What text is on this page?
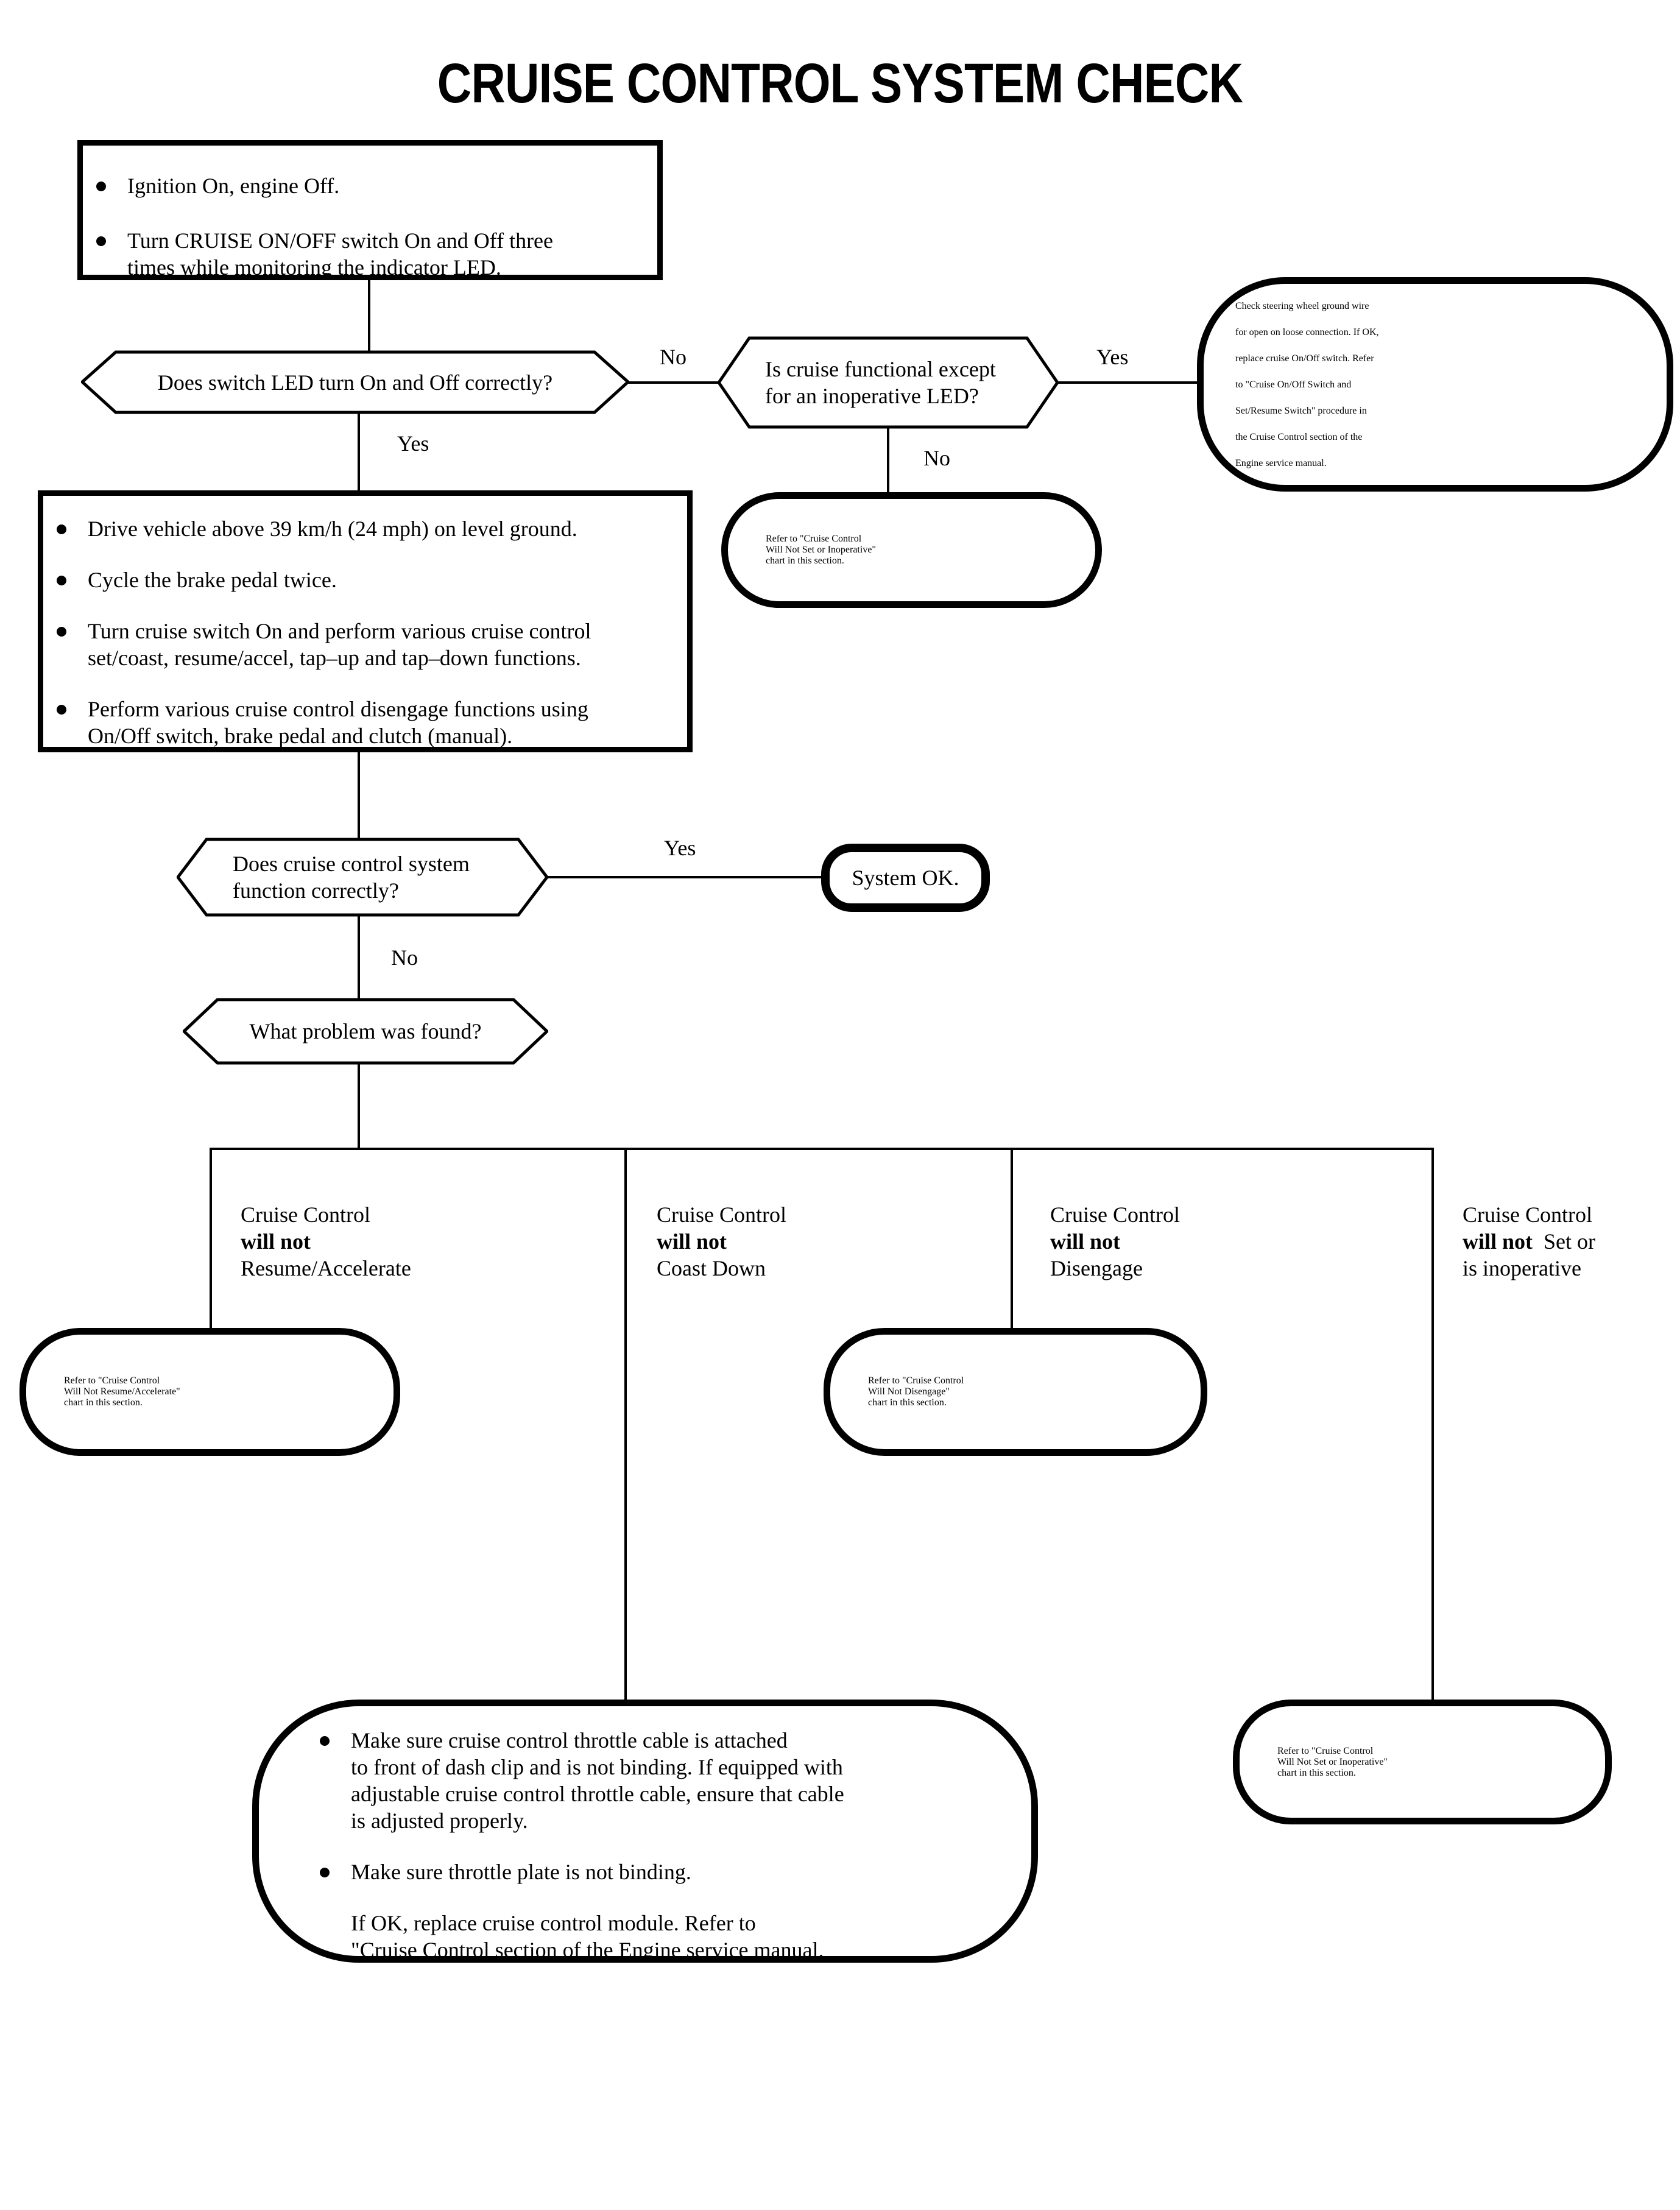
CRUISE CONTROL SYSTEM CHECK
Ignition On, engine Off.
Turn CRUISE ON/OFF switch On and Off three
times while monitoring the indicator LED.
Does switch LED turn On and Off correctly?
No	Is cruise functional except
for an inoperative LED?
Yes
Check steering wheel ground wire
for open on loose connection. If OK,
replace cruise On/Off switch. Refer
to "Cruise On/Off Switch and
Set/Resume Switch" procedure in
the Cruise Control section of the
Engine service manual.
Yes
No
Refer to "Cruise Control
Will Not Set or Inoperative"
chart in this section.
Drive vehicle above 39 km/h (24 mph) on level ground.
Cycle the brake pedal twice.
Turn cruise switch On and perform various cruise control
set/coast, resume/accel, tap–up and tap–down functions.
Perform various cruise control disengage functions using
On/Off switch, brake pedal and clutch (manual).
Does cruise control system
function correctly?
Yes
System OK.
No
What problem was found?
Cruise Control
will not
Resume/Accelerate
Cruise Control
will not
Coast Down
Cruise Control
will not
Disengage
Cruise Control
will not  Set or
is inoperative
Refer to "Cruise Control
Will Not Resume/Accelerate"
chart in this section.
Refer to "Cruise Control
Will Not Disengage"
chart in this section.
Make sure cruise control throttle cable is attached
to front of dash clip and is not binding. If equipped with
adjustable cruise control throttle cable, ensure that cable
is adjusted properly.
Make sure throttle plate is not binding.
If OK, replace cruise control module. Refer to
"Cruise Control section of the Engine service manual.
Refer to "Cruise Control
Will Not Set or Inoperative"
chart in this section.
